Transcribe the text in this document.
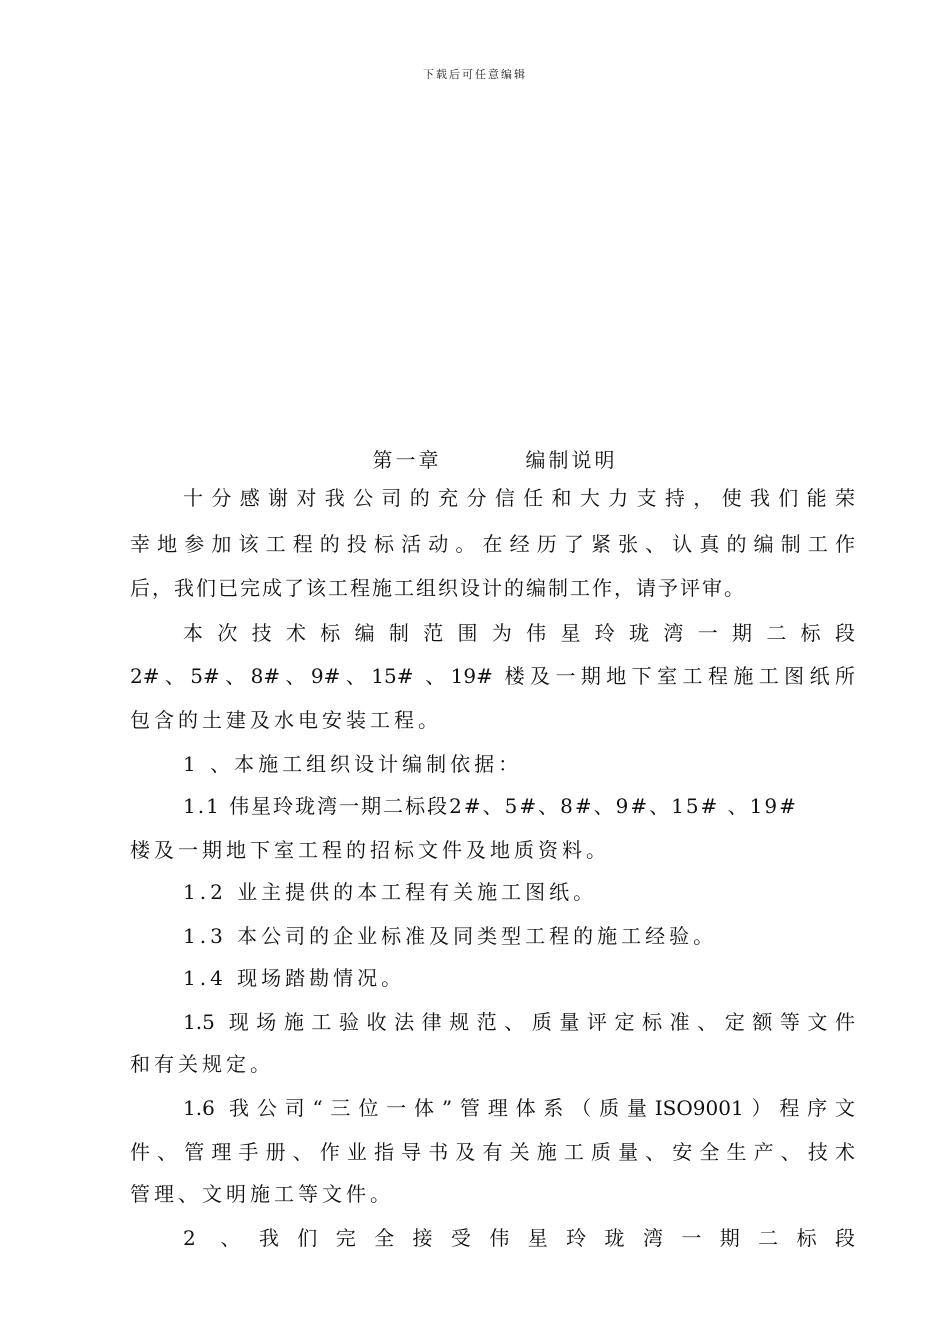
下载后可任意编辑
第一章	编制说明
十分感谢对我公司的充分信任和大力支持，使我们能荣
幸地参加该工程的投标活动。在经历了紧张、认真的编制工作
后，我们已完成了该工程施工组织设计的编制工作，请予评审。
本次技术标编制范围为伟星玲珑湾一期二标段
2#、5#、8#、9#、15# 、19# 楼及一期地下室工程施工图纸所
包含的土建及水电安装工程。
1 、本施工组织设计编制依据：
1.1 伟星玲珑湾一期二标段2#、5#、8#、9#、15# 、19#
楼及一期地下室工程的招标文件及地质资料。
1.2 业主提供的本工程有关施工图纸。
1.3 本公司的企业标准及同类型工程的施工经验。
1.4 现场踏勘情况。
1.5 现场施工验收法律规范、质量评定标准、定额等文件
和有关规定。
1.6 我公司“三位一体”管理体系（质量ISO9001）程序文
件、管理手册、作业指导书及有关施工质量、安全生产、技术
管理、文明施工等文件。
2 、我们完全接受伟星玲珑湾一期二标段
